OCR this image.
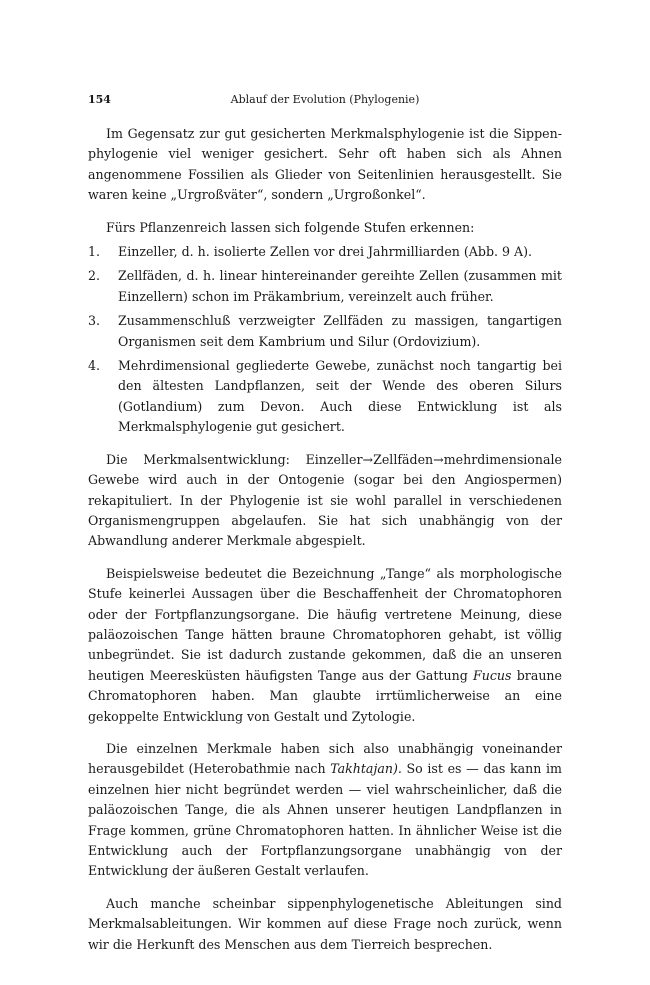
154	Ablauf der Evolution (Phylogenie)

Im Gegensatz zur gut gesicherten Merkmalsphylogenie ist die Sippen-phylogenie viel weniger gesichert. Sehr oft haben sich als Ahnen angenommene Fossilien als Glieder von Seitenlinien herausgestellt. Sie waren keine „Urgroßväter“, sondern „Urgroßonkel“.

Fürs Pflanzenreich lassen sich folgende Stufen erkennen:

1. Einzeller, d. h. isolierte Zellen vor drei Jahrmilliarden (Abb. 9 A).
2. Zellfäden, d. h. linear hintereinander gereihte Zellen (zusammen mit Einzellern) schon im Präkambrium, vereinzelt auch früher.
3. Zusammenschluß verzweigter Zellfäden zu massigen, tangartigen Organismen seit dem Kambrium und Silur (Ordovizium).
4. Mehrdimensional gegliederte Gewebe, zunächst noch tangartig bei den ältesten Landpflanzen, seit der Wende des oberen Silurs (Gotlandium) zum Devon. Auch diese Entwicklung ist als Merkmalsphylogenie gut gesichert.

Die Merkmalsentwicklung: Einzeller→Zellfäden→mehrdimensionale Gewebe wird auch in der Ontogenie (sogar bei den Angiospermen) rekapituliert. In der Phylogenie ist sie wohl parallel in verschiedenen Organismengruppen abgelaufen. Sie hat sich unabhängig von der Abwandlung anderer Merkmale abgespielt.

Beispielsweise bedeutet die Bezeichnung „Tange“ als morphologische Stufe keinerlei Aussagen über die Beschaffenheit der Chromatophoren oder der Fortpflanzungsorgane. Die häufig vertretene Meinung, diese paläozoischen Tange hätten braune Chromatophoren gehabt, ist völlig unbegründet. Sie ist dadurch zustande gekommen, daß die an unseren heutigen Meeresküsten häufigsten Tange aus der Gattung Fucus braune Chromatophoren haben. Man glaubte irrtümlicherweise an eine gekoppelte Entwicklung von Gestalt und Zytologie.

Die einzelnen Merkmale haben sich also unabhängig voneinander herausgebildet (Heterobathmie nach Takhtajan). So ist es — das kann im einzelnen hier nicht begründet werden — viel wahrscheinlicher, daß die paläozoischen Tange, die als Ahnen unserer heutigen Landpflanzen in Frage kommen, grüne Chromatophoren hatten. In ähnlicher Weise ist die Entwicklung auch der Fortpflanzungsorgane unabhängig von der Entwicklung der äußeren Gestalt verlaufen.

Auch manche scheinbar sippenphylogenetische Ableitungen sind Merkmalsableitungen. Wir kommen auf diese Frage noch zurück, wenn wir die Herkunft des Menschen aus dem Tierreich besprechen.
